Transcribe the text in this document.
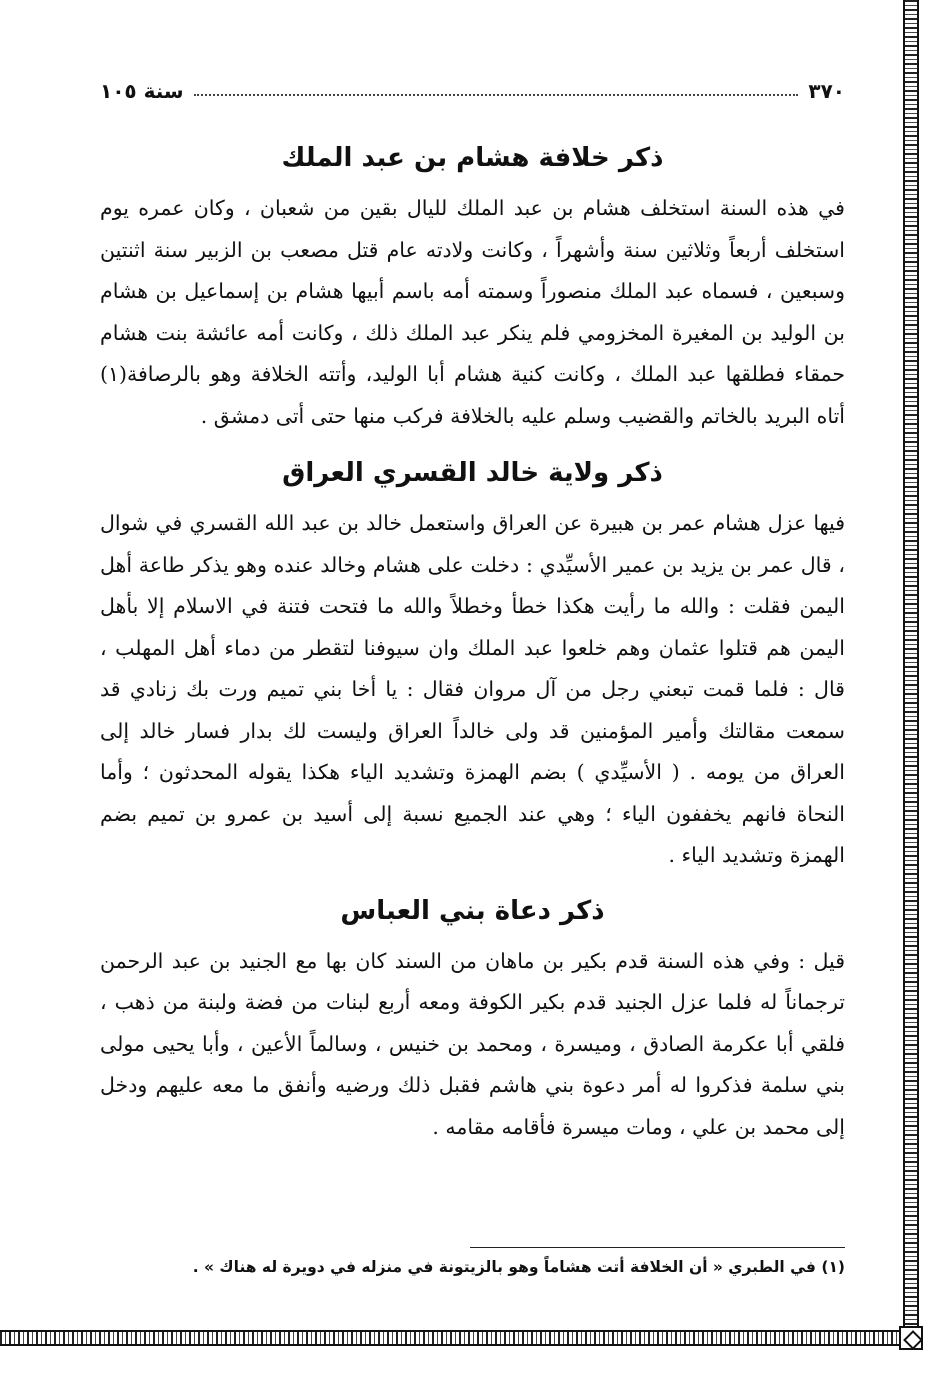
٣٧٠
سنة ١٠٥
ذكر خلافة هشام بن عبد الملك

في هذه السنة استخلف هشام بن عبد الملك لليال بقين من شعبان ، وكان عمره يوم استخلف أربعاً وثلاثين سنة وأشهراً ، وكانت ولادته عام قتل مصعب بن الزبير سنة اثنتين وسبعين ، فسماه عبد الملك منصوراً وسمته أمه باسم أبيها هشام بن إسماعيل بن هشام بن الوليد بن المغيرة المخزومي فلم ينكر عبد الملك ذلك ، وكانت أمه عائشة بنت هشام حمقاء فطلقها عبد الملك ، وكانت كنية هشام أبا الوليد، وأتته الخلافة وهو بالرصافة(١) أتاه البريد بالخاتم والقضيب وسلم عليه بالخلافة فركب منها حتى أتى دمشق .

ذكر ولاية خالد القسري العراق

فيها عزل هشام عمر بن هبيرة عن العراق واستعمل خالد بن عبد الله القسري في شوال ، قال عمر بن يزيد بن عمير الأسيِّدي : دخلت على هشام وخالد عنده وهو يذكر طاعة أهل اليمن فقلت : والله ما رأيت هكذا خطأ وخطلاً والله ما فتحت فتنة في الاسلام إلا بأهل اليمن هم قتلوا عثمان وهم خلعوا عبد الملك وان سيوفنا لتقطر من دماء أهل المهلب ، قال : فلما قمت تبعني رجل من آل مروان فقال : يا أخا بني تميم ورت بك زنادي قد سمعت مقالتك وأمير المؤمنين قد ولى خالداً العراق وليست لك بدار فسار خالد إلى العراق من يومه . ( الأسيِّدي ) بضم الهمزة وتشديد الياء هكذا يقوله المحدثون ؛ وأما النحاة فانهم يخففون الياء ؛ وهي عند الجميع نسبة إلى أسيد بن عمرو بن تميم بضم الهمزة وتشديد الياء .

ذكر دعاة بني العباس

قيل : وفي هذه السنة قدم بكير بن ماهان من السند كان بها مع الجنيد بن عبد الرحمن ترجماناً له فلما عزل الجنيد قدم بكير الكوفة ومعه أربع لبنات من فضة ولبنة من ذهب ، فلقي أبا عكرمة الصادق ، وميسرة ، ومحمد بن خنيس ، وسالماً الأعين ، وأبا يحيى مولى بني سلمة فذكروا له أمر دعوة بني هاشم فقبل ذلك ورضيه وأنفق ما معه عليهم ودخل إلى محمد بن علي ، ومات ميسرة فأقامه مقامه .

(١) في الطبري « أن الخلافة أتت هشاماً وهو بالزيتونة في منزله في دويرة له هناك » .
